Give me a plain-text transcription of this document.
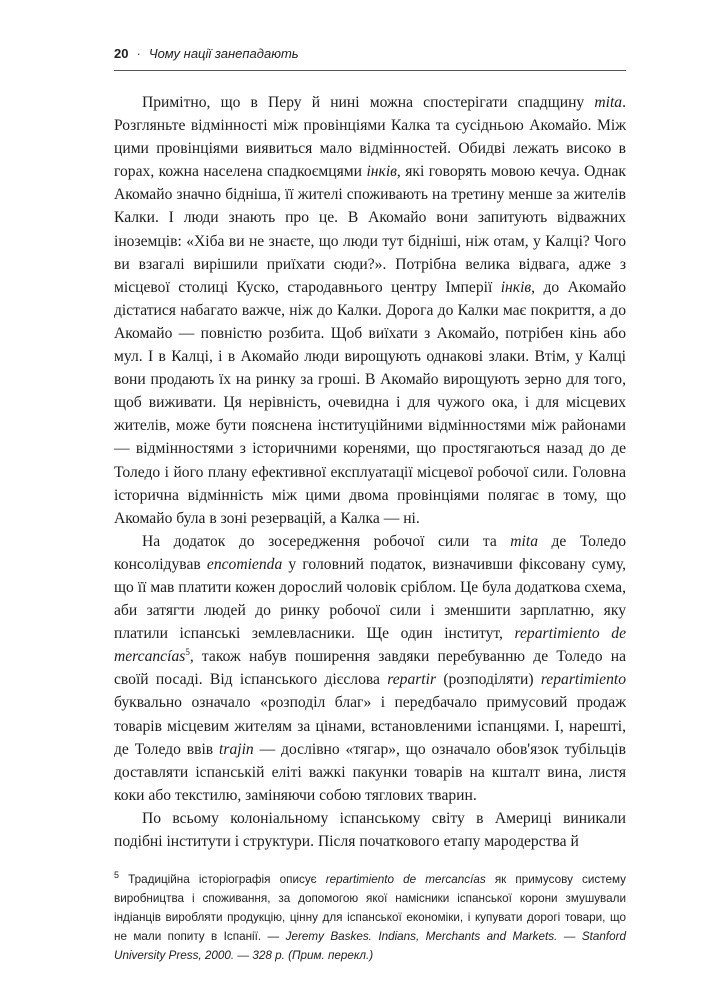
20 · Чому нації занепадають

Примітно, що в Перу й нині можна спостерігати спадщину mita. Розгляньте відмінності між провінціями Калка та сусідньою Акомайо. Між цими провінціями виявиться мало відмінностей. Обидві лежать високо в горах, кожна населена спадкоємцями інків, які говорять мовою кечуа. Однак Акомайо значно бідніша, її жителі споживають на третину менше за жителів Калки. І люди знають про це. В Акомайо вони запитують відважних іноземців: «Хіба ви не знаєте, що люди тут бідніші, ніж отам, у Калці? Чого ви взагалі вирішили приїхати сюди?». Потрібна велика відвага, адже з місцевої столиці Куско, стародавнього центру Імперії інків, до Акомайо дістатися набагато важче, ніж до Калки. Дорога до Калки має покриття, а до Акомайо — повністю розбита. Щоб виїхати з Акомайо, потрібен кінь або мул. І в Калці, і в Акомайо люди вирощують однакові злаки. Втім, у Калці вони продають їх на ринку за гроші. В Акомайо вирощують зерно для того, щоб виживати. Ця нерівність, очевидна і для чужого ока, і для місцевих жителів, може бути пояснена інституційними відмінностями між районами — відмінностями з історичними коренями, що простягаються назад до де Толедо і його плану ефективної експлуатації місцевої робочої сили. Головна історична відмінність між цими двома провінціями полягає в тому, що Акомайо була в зоні резервацій, а Калка — ні.

На додаток до зосередження робочої сили та mita де Толедо консолідував encomienda у головний податок, визначивши фіксовану суму, що її мав платити кожен дорослий чоловік сріблом. Це була додаткова схема, аби затягти людей до ринку робочої сили і зменшити зарплатню, яку платили іспанські землевласники. Ще один інститут, repartimiento de mercancías$^5$, також набув поширення завдяки перебуванню де Толедо на своїй посаді. Від іспанського дієслова repartir (розподіляти) repartimiento буквально означало «розподіл благ» і передбачало примусовий продаж товарів місцевим жителям за цінами, встановленими іспанцями. І, нарешті, де Толедо ввів trajin — дослівно «тягар», що означало обов'язок тубільців доставляти іспанській еліті важкі пакунки товарів на кшталт вина, листя коки або текстилю, заміняючи собою тяглових тварин.

По всьому колоніальному іспанському світу в Америці виникали подібні інститути і структури. Після початкового етапу мародерства й

$^5$ Традиційна історіографія описує repartimiento de mercancías як примусову систему виробництва і споживання, за допомогою якої намісники іспанської корони змушували індіанців виробляти продукцію, цінну для іспанської економіки, і купувати дорогі товари, що не мали попиту в Іспанії. — Jeremy Baskes. Indians, Merchants and Markets. — Stanford University Press, 2000. — 328 p. (Прим. перекл.)
